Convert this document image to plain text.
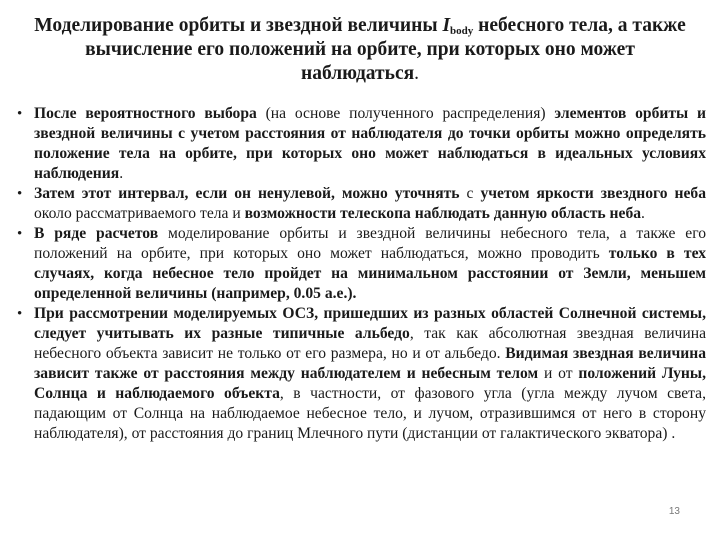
Моделирование орбиты и звездной величины $I_{body}$ небесного тела, а также вычисление его положений на орбите, при которых оно может наблюдаться.
• После вероятностного выбора (на основе полученного распределения) элементов орбиты и звездной величины с учетом расстояния от наблюдателя до точки орбиты можно определять положение тела на орбите, при которых оно может наблюдаться в идеальных условиях наблюдения.
• Затем этот интервал, если он ненулевой, можно уточнять с учетом яркости звездного неба около рассматриваемого тела и возможности телескопа наблюдать данную область неба.
• В ряде расчетов моделирование орбиты и звездной величины небесного тела, а также его положений на орбите, при которых оно может наблюдаться, можно проводить только в тех случаях, когда небесное тело пройдет на минимальном расстоянии от Земли, меньшем определенной величины (например, 0.05 а.е.).
• При рассмотрении моделируемых ОСЗ, пришедших из разных областей Солнечной системы, следует учитывать их разные типичные альбедо, так как абсолютная звездная величина небесного объекта зависит не только от его размера, но и от альбедо. Видимая звездная величина зависит также от расстояния между наблюдателем и небесным телом и от положений Луны, Солнца и наблюдаемого объекта, в частности, от фазового угла (угла между лучом света, падающим от Солнца на наблюдаемое небесное тело, и лучом, отразившимся от него в сторону наблюдателя), от расстояния до границ Млечного пути (дистанции от галактического экватора) .
13
